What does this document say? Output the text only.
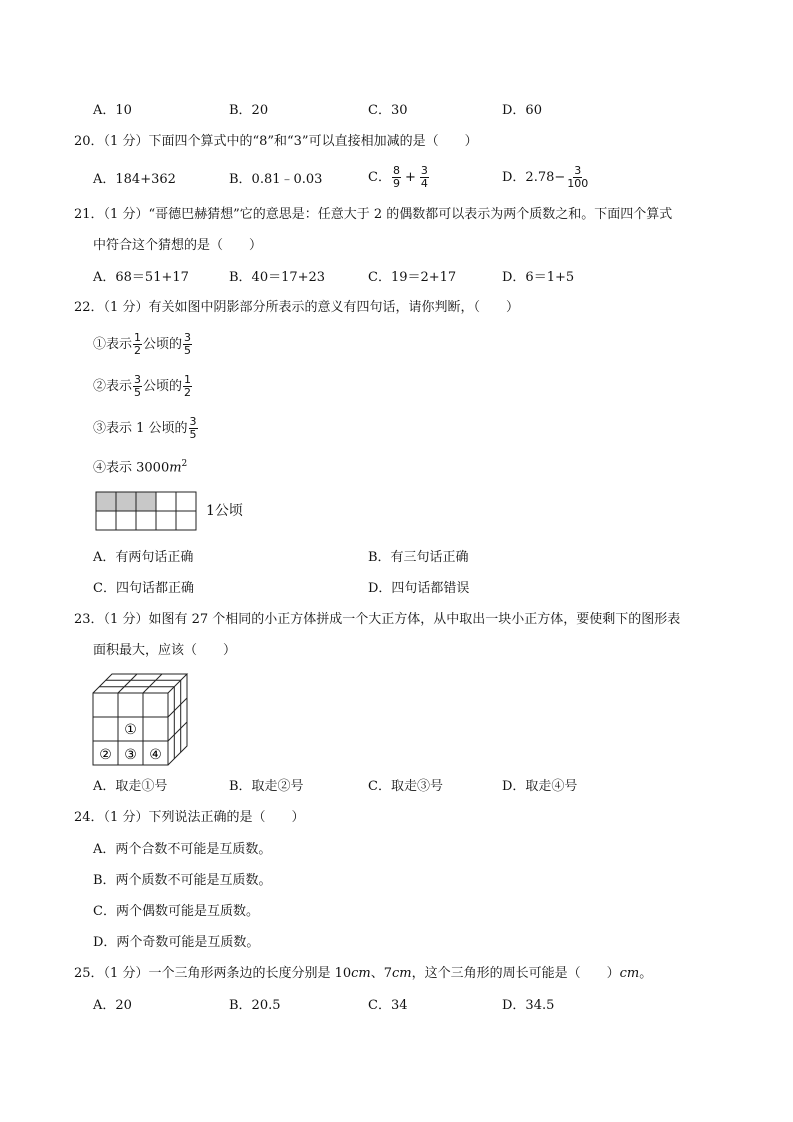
A．10	B．20	C．30	D．60
20．（1 分）下面四个算式中的“8”和“3”可以直接相加减的是（　　）
A．184+362	B．0.81﹣0.03	C． $\frac{8}{9} + \frac{3}{4}$	D．$2.78- \frac{3}{100}$
21．（1 分）“哥德巴赫猜想”它的意思是：任意大于 2 的偶数都可以表示为两个质数之和。下面四个算式
中符合这个猜想的是（　　）
A．68＝51+17	B．40＝17+23	C．19＝2+17	D．6＝1+5
22．（1 分）有关如图中阴影部分所表示的意义有四句话，请你判断，（　　）
①表示 $\frac{1}{2}$ 公顷的 $\frac{3}{5}$
②表示 $\frac{3}{5}$ 公顷的 $\frac{1}{2}$
③表示 1 公顷的 $\frac{3}{5}$
④表示 $3000m^2$
1公顷
A．有两句话正确	B．有三句话正确
C．四句话都正确	D．四句话都错误
23．（1 分）如图有 27 个相同的小正方体拼成一个大正方体，从中取出一块小正方体，要使剩下的图形表
面积最大，应该（　　）
①
② ③ ④
A．取走①号	B．取走②号	C．取走③号	D．取走④号
24．（1 分）下列说法正确的是（　　）
A．两个合数不可能是互质数。
B．两个质数不可能是互质数。
C．两个偶数可能是互质数。
D．两个奇数可能是互质数。
25．（1 分）一个三角形两条边的长度分别是 10cm、7cm，这个三角形的周长可能是（　　）cm。
A．20	B．20.5	C．34	D．34.5
